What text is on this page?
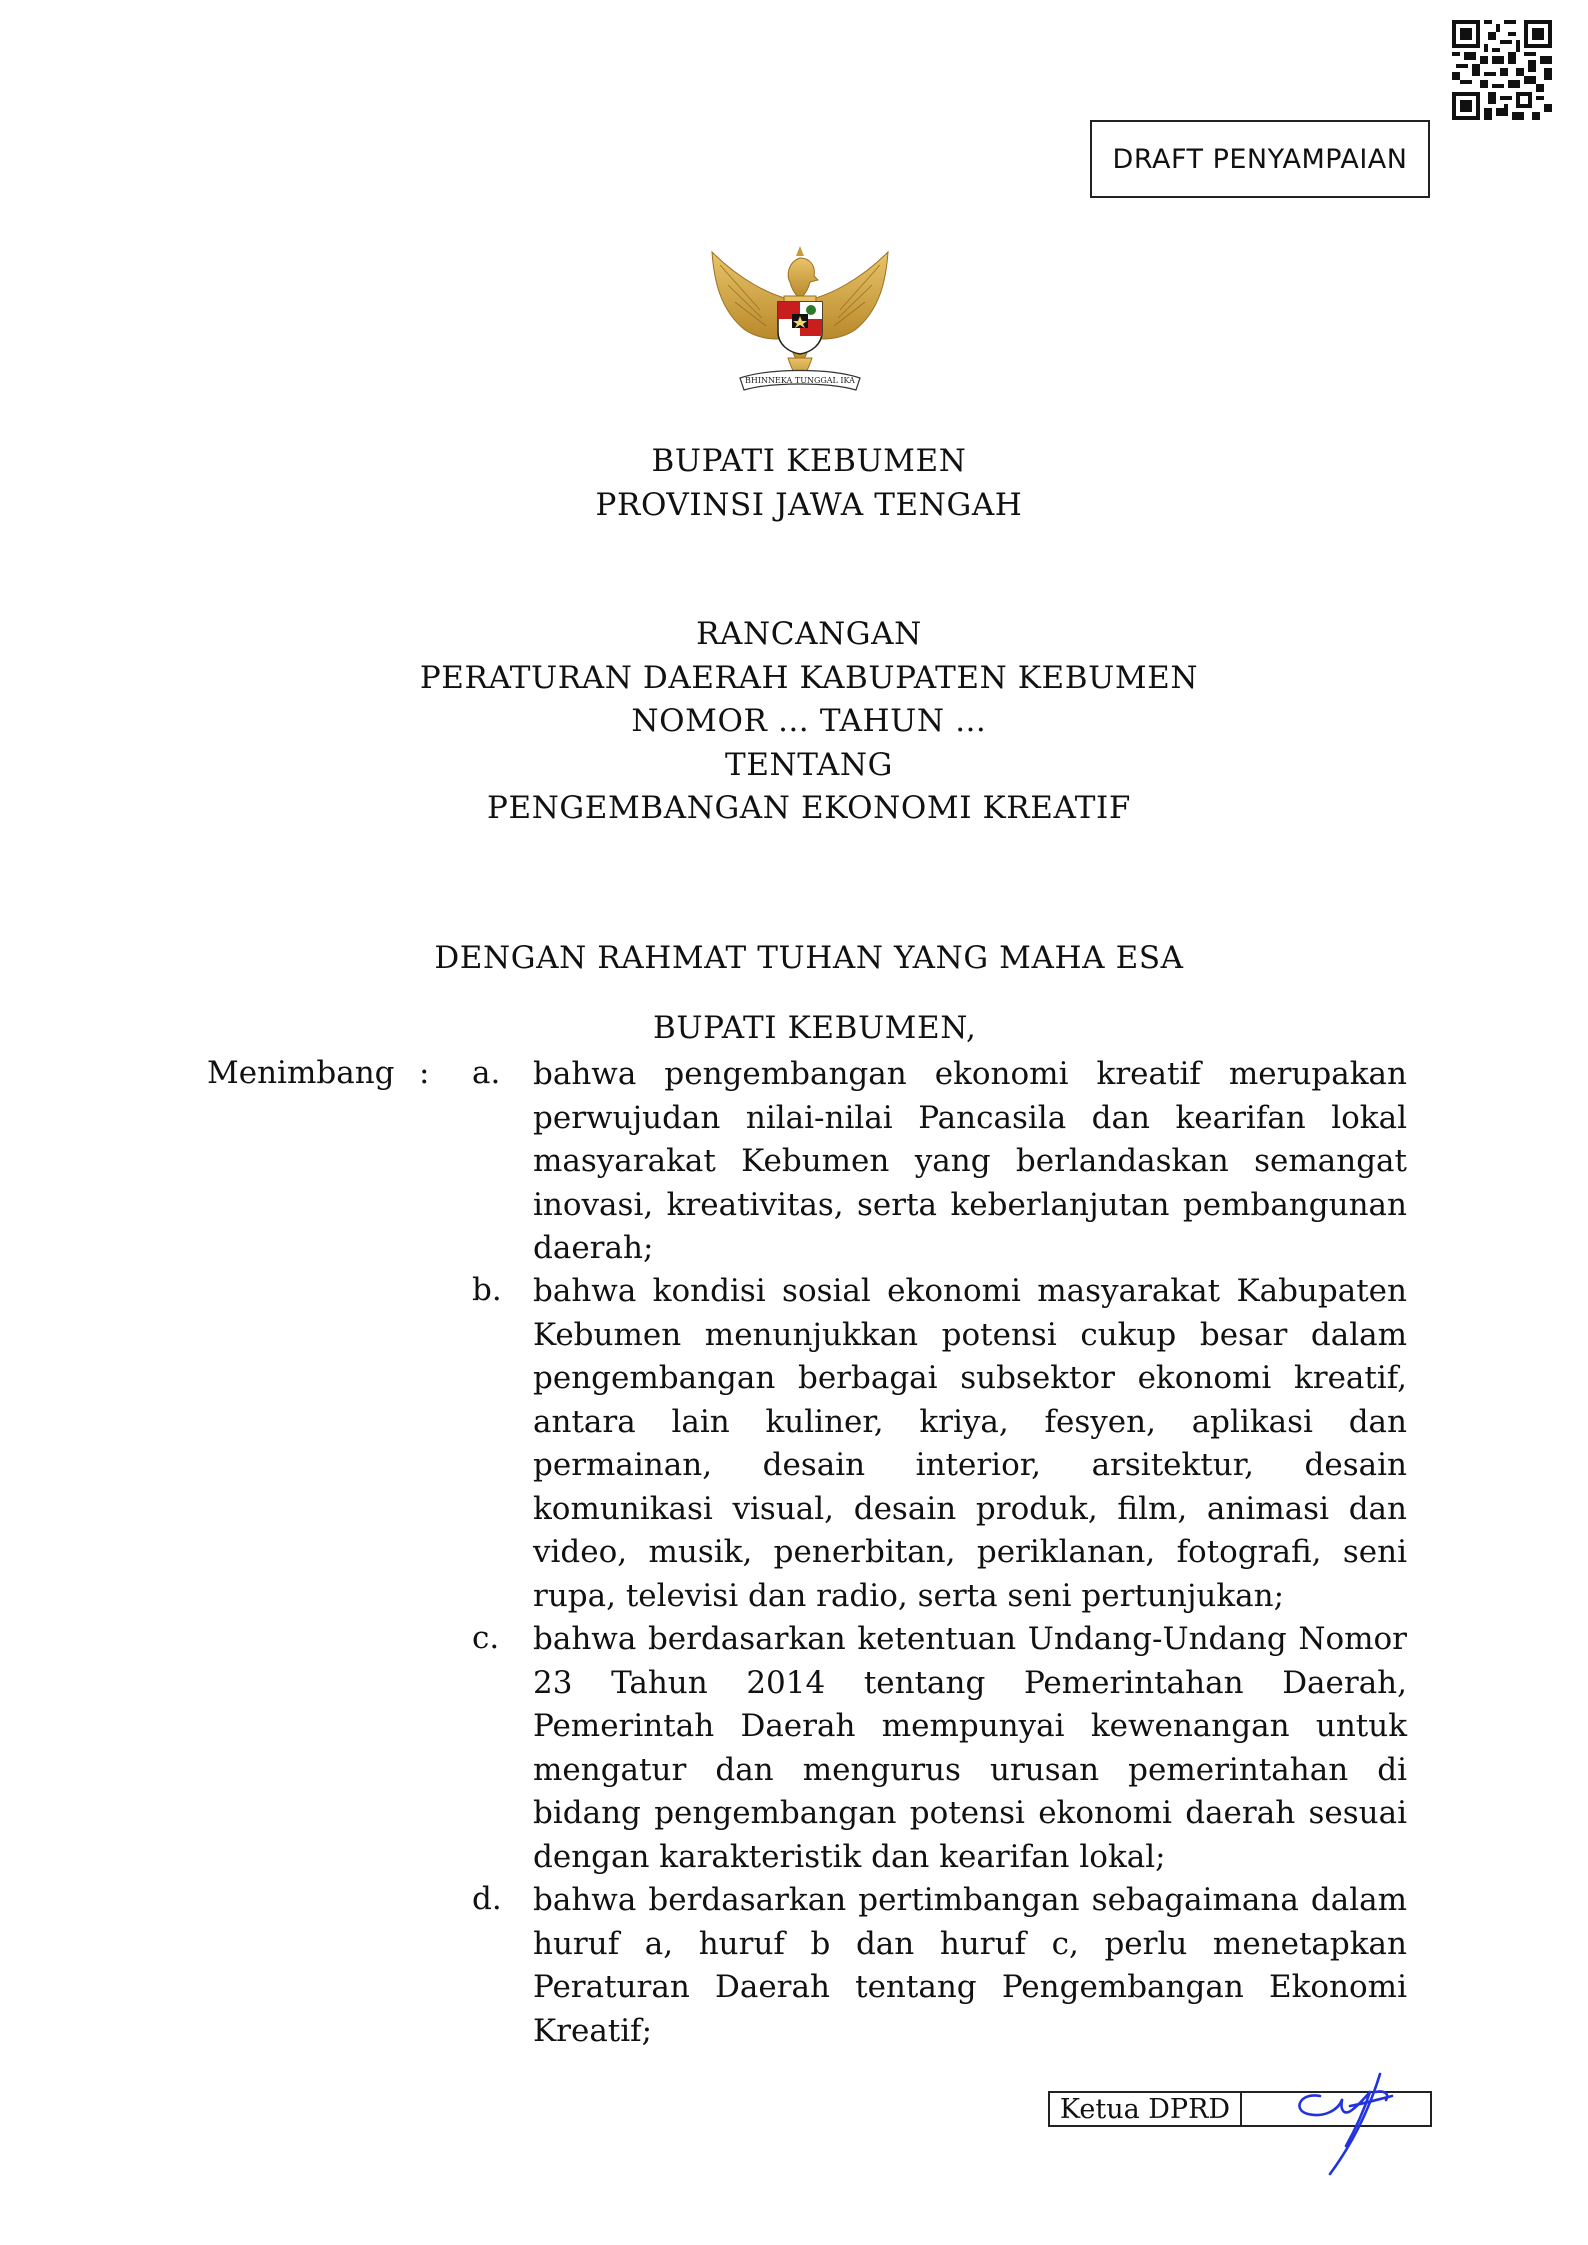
DRAFT PENYAMPAIAN
BHINNEKA TUNGGAL IKA
BUPATI KEBUMEN
PROVINSI JAWA TENGAH
RANCANGAN
PERATURAN DAERAH KABUPATEN KEBUMEN
NOMOR … TAHUN …
TENTANG
PENGEMBANGAN EKONOMI KREATIF
DENGAN RAHMAT TUHAN YANG MAHA ESA
BUPATI KEBUMEN,
Menimbang : a. bahwa pengembangan ekonomi kreatif merupakan perwujudan nilai-nilai Pancasila dan kearifan lokal masyarakat Kebumen yang berlandaskan semangat inovasi, kreativitas, serta keberlanjutan pembangunan daerah;
b. bahwa kondisi sosial ekonomi masyarakat Kabupaten Kebumen menunjukkan potensi cukup besar dalam pengembangan berbagai subsektor ekonomi kreatif, antara lain kuliner, kriya, fesyen, aplikasi dan permainan, desain interior, arsitektur, desain komunikasi visual, desain produk, film, animasi dan video, musik, penerbitan, periklanan, fotografi, seni rupa, televisi dan radio, serta seni pertunjukan;
c. bahwa berdasarkan ketentuan Undang-Undang Nomor 23 Tahun 2014 tentang Pemerintahan Daerah, Pemerintah Daerah mempunyai kewenangan untuk mengatur dan mengurus urusan pemerintahan di bidang pengembangan potensi ekonomi daerah sesuai dengan karakteristik dan kearifan lokal;
d. bahwa berdasarkan pertimbangan sebagaimana dalam huruf a, huruf b dan huruf c, perlu menetapkan Peraturan Daerah tentang Pengembangan Ekonomi Kreatif;
Ketua DPRD
